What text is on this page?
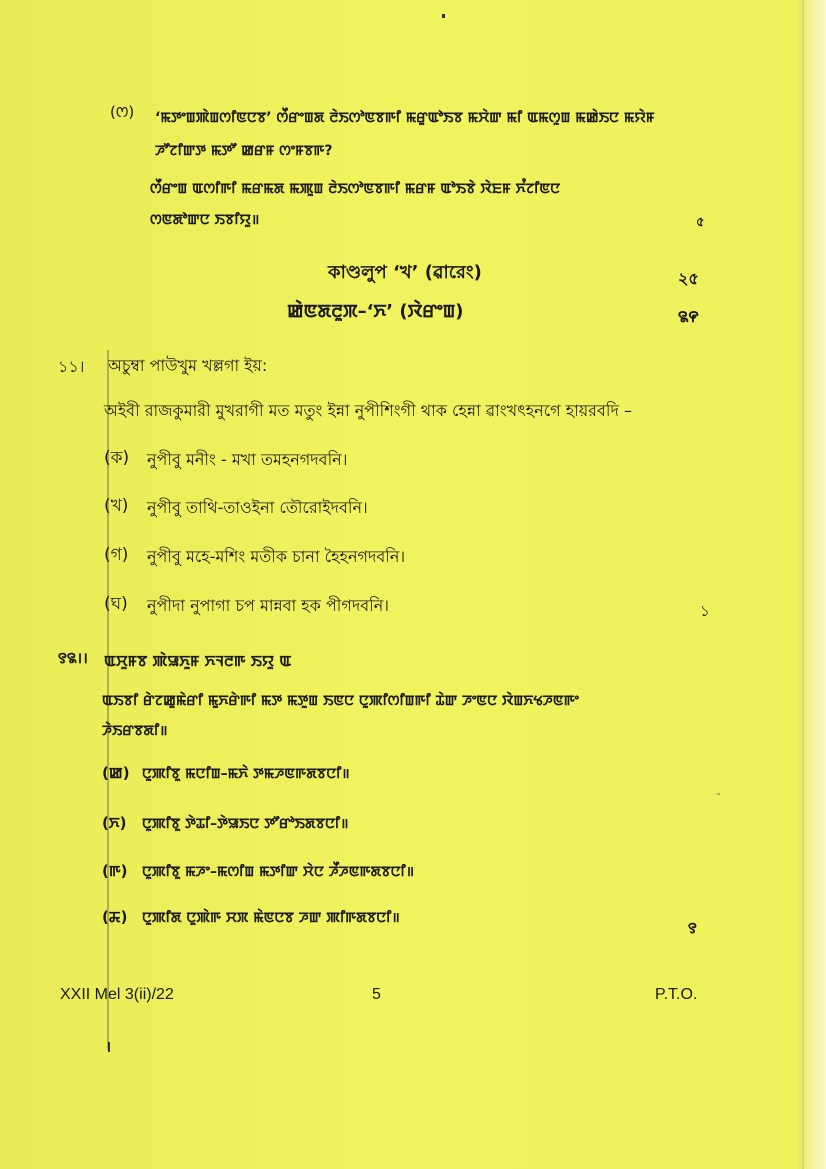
˜
(ꯁ) ‘ꯃꯇꯦꯡꯄꯥꯡꯁꯤꯟꯅꯕ’ ꯁꯩꯔꯦꯡꯗ ꯂꯥꯏꯁꯣꯟꯕꯒꯤ ꯃꯔꯨꯑꯣꯏꯕ ꯃꯆꯥꯛ ꯃꯤ ꯑꯃꯁꯨꯡ ꯃꯀꯥꯏꯅ ꯃꯌꯥꯝ
ꯍꯧꯖꯤꯛꯇ ꯃꯇꯧ ꯀꯔꯝ ꯁꯦꯝꯕꯒ?
ꯁꯩꯔꯦꯡ ꯑꯁꯤꯒꯤ ꯃꯔꯃꯗ ꯃꯄꯨꯡ ꯂꯥꯏꯁꯣꯟꯕꯒꯤ ꯃꯔꯝ ꯑꯣꯏꯕꯥ ꯋꯥꯐꯝ ꯈꯪꯖꯤꯟꯅ
ꯁꯟꯗꯣꯛꯅ ꯏꯕꯤꯌꯨ॥	৫
কাণ্ডলুপ ‘খ’ (ৱারেং)	২৫
ꯀꯥꯟꯗꯂꯨꯞ–‘ꯈ’ (ꯋꯥꯔꯦꯡ)	꯲꯵
১১। অচুম্বা পাউখুম খল্লগা ইয়:
অইবী রাজকুমারী মুখরাগী মত মতুং ইন্না নুপীশিংগী থাক হেন্না ৱাংখৎহনগে হায়রবদি –
(ক) নুপীবু মনীং - মখা তমহনগদবনি।
(খ) নুপীবু তাথি-তাওইনা তৌরোইদবনি।
(গ) নুপীবু মহে-মশিং মতীক চানা হৈহনগদবনি।
(ঘ) নুপীদা নুপাগা চপ মান্নবা হক পীগদবনি।	১
꯱꯲।। ꯑꯆꯨꯝꯕ ꯄꯥꯎꯈꯨꯝ ꯈꯜꯂꯒ ꯏꯌꯨ ꯑ
ꯑꯏꯕꯤ ꯔꯥꯖꯀꯨꯃꯥꯔꯤ ꯃꯨꯈꯔꯥꯒꯤ ꯃꯇ ꯃꯇꯨꯡ ꯏꯟꯅ ꯅꯨꯄꯤꯁꯤꯡꯒꯤ ꯊꯥꯛ ꯍꯦꯟꯅ ꯋꯥꯡꯈꯠꯍꯟꯒꯦ
ꯍꯥꯏꯔꯕꯗꯤ॥
(ꯀ) ꯅꯨꯄꯤꯕꯨ ꯃꯅꯤꯡ–ꯃꯈꯥ ꯇꯃꯍꯟꯒꯗꯕꯅꯤ॥
(ꯈ) ꯅꯨꯄꯤꯕꯨ ꯇꯥꯊꯤ–ꯇꯥꯎꯏꯅ ꯇꯧꯔꯣꯏꯗꯕꯅꯤ॥
(ꯒ) ꯅꯨꯄꯤꯕꯨ ꯃꯍꯦ–ꯃꯁꯤꯡ ꯃꯇꯤꯛ ꯆꯥꯅ ꯍꯩꯍꯟꯒꯗꯕꯅꯤ॥
(ꯘ) ꯅꯨꯄꯤꯗ ꯅꯨꯄꯥꯒ ꯆꯞ ꯃꯥꯟꯅꯕ ꯍꯛ ꯄꯤꯒꯗꯕꯅꯤ॥
꯱
XXII Mel 3(ii)/22	5	P.T.O.
